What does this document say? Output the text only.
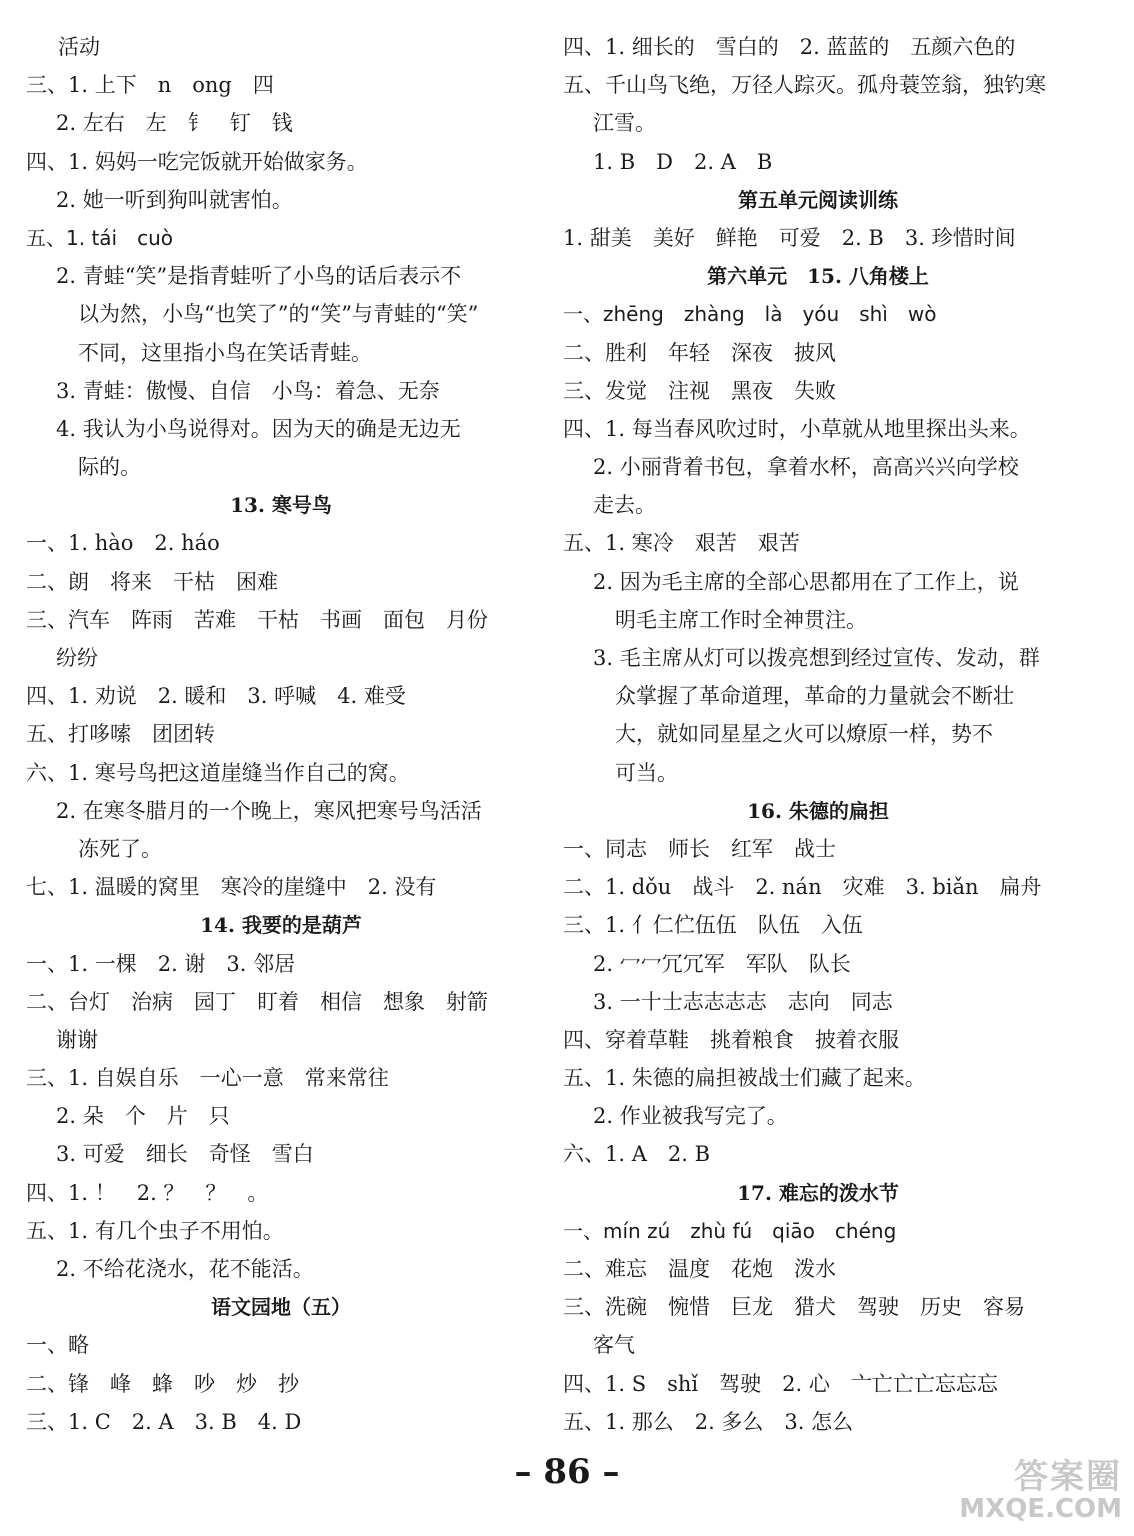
活动
三、1. 上下　n　ong　四
2. 左右　左　钅　钉　钱
四、1. 妈妈一吃完饭就开始做家务。
2. 她一听到狗叫就害怕。
五、1. tái　cuò
2. 青蛙“笑”是指青蛙听了小鸟的话后表示不
以为然，小鸟“也笑了”的“笑”与青蛙的“笑”
不同，这里指小鸟在笑话青蛙。
3. 青蛙：傲慢、自信　小鸟：着急、无奈
4. 我认为小鸟说得对。因为天的确是无边无
际的。
13. 寒号鸟
一、1. hào　2. háo
二、朗　将来　干枯　困难
三、汽车　阵雨　苦难　干枯　书画　面包　月份
纷纷
四、1. 劝说　2. 暖和　3. 呼喊　4. 难受
五、打哆嗦　团团转
六、1. 寒号鸟把这道崖缝当作自己的窝。
2. 在寒冬腊月的一个晚上，寒风把寒号鸟活活
冻死了。
七、1. 温暖的窝里　寒冷的崖缝中　2. 没有
14. 我要的是葫芦
一、1. 一棵　2. 谢　3. 邻居
二、台灯　治病　园丁　盯着　相信　想象　射箭
谢谢
三、1. 自娱自乐　一心一意　常来常往
2. 朵　个　片　只
3. 可爱　细长　奇怪　雪白
四、1. ！　2. ？　？　。
五、1. 有几个虫子不用怕。
2. 不给花浇水，花不能活。
语文园地（五）
一、略
二、锋　峰　蜂　吵　炒　抄
三、1. C　2. A　3. B　4. D
四、1. 细长的　雪白的　2. 蓝蓝的　五颜六色的
五、千山鸟飞绝，万径人踪灭。孤舟蓑笠翁，独钓寒
江雪。
1. B　D　2. A　B
第五单元阅读训练
1. 甜美　美好　鲜艳　可爱　2. B　3. 珍惜时间
第六单元　15. 八角楼上
一、zhēng　zhàng　là　yóu　shì　wò
二、胜利　年轻　深夜　披风
三、发觉　注视　黑夜　失败
四、1. 每当春风吹过时，小草就从地里探出头来。
2. 小丽背着书包，拿着水杯，高高兴兴向学校
走去。
五、1. 寒冷　艰苦　艰苦
2. 因为毛主席的全部心思都用在了工作上，说
明毛主席工作时全神贯注。
3. 毛主席从灯可以拨亮想到经过宣传、发动，群
众掌握了革命道理，革命的力量就会不断壮
大，就如同星星之火可以燎原一样，势不
可当。
16. 朱德的扁担
一、同志　师长　红军　战士
二、1. dǒu　战斗　2. nán　灾难　3. biǎn　扁舟
三、1. 亻仁伫伍伍　队伍　入伍
2. 冖冖冗冗军　军队　队长
3. 一十士志志志志　志向　同志
四、穿着草鞋　挑着粮食　披着衣服
五、1. 朱德的扁担被战士们藏了起来。
2. 作业被我写完了。
六、1. A　2. B
17. 难忘的泼水节
一、mín zú　zhù fú　qiāo　chéng
二、难忘　温度　花炮　泼水
三、洗碗　惋惜　巨龙　猎犬　驾驶　历史　容易
客气
四、1. S　shǐ　驾驶　2. 心　亠亡亡亡忘忘忘
五、1. 那么　2. 多么　3. 怎么
– 86 –	答案圈
MXQE.COM
